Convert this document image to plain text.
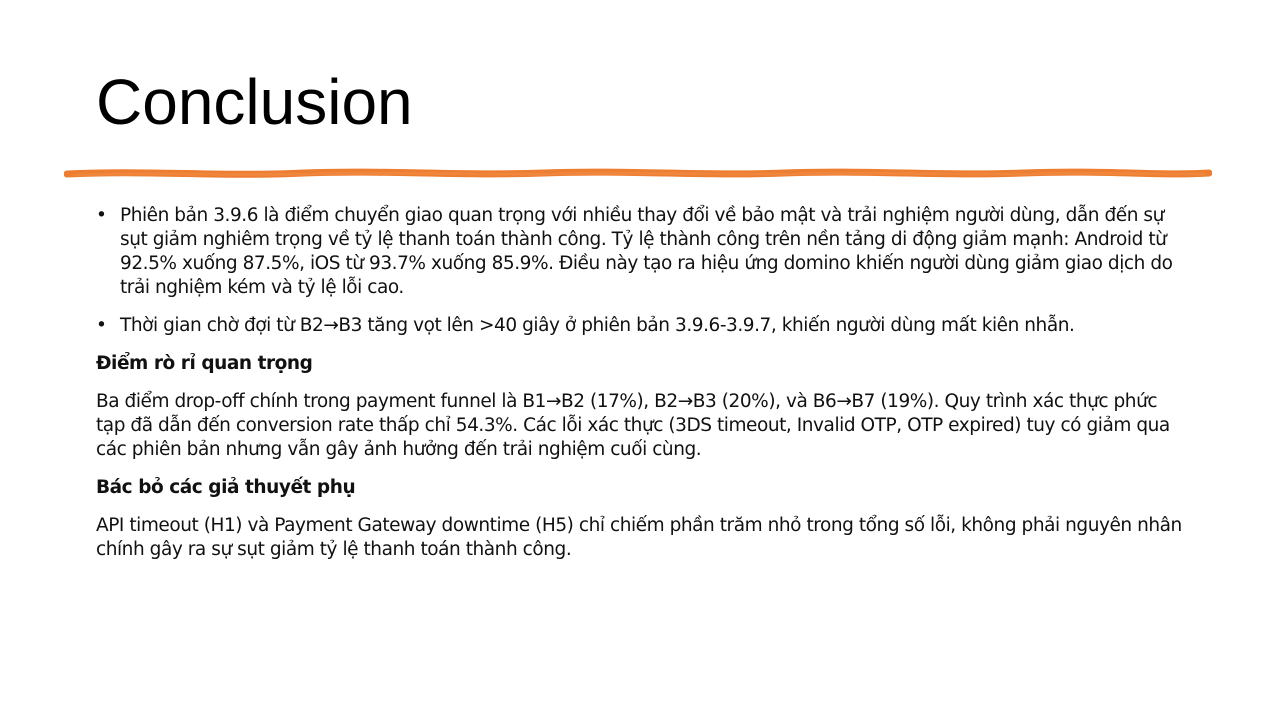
Conclusion
• Phiên bản 3.9.6 là điểm chuyển giao quan trọng với nhiều thay đổi về bảo mật và trải nghiệm người dùng, dẫn đến sự sụt giảm nghiêm trọng về tỷ lệ thanh toán thành công. Tỷ lệ thành công trên nền tảng di động giảm mạnh: Android từ 92.5% xuống 87.5%, iOS từ 93.7% xuống 85.9%. Điều này tạo ra hiệu ứng domino khiến người dùng giảm giao dịch do trải nghiệm kém và tỷ lệ lỗi cao.
• Thời gian chờ đợi từ B2→B3 tăng vọt lên >40 giây ở phiên bản 3.9.6-3.9.7, khiến người dùng mất kiên nhẫn.

Điểm rò rỉ quan trọng

Ba điểm drop-off chính trong payment funnel là B1→B2 (17%), B2→B3 (20%), và B6→B7 (19%). Quy trình xác thực phức tạp đã dẫn đến conversion rate thấp chỉ 54.3%. Các lỗi xác thực (3DS timeout, Invalid OTP, OTP expired) tuy có giảm qua các phiên bản nhưng vẫn gây ảnh hưởng đến trải nghiệm cuối cùng.

Bác bỏ các giả thuyết phụ

API timeout (H1) và Payment Gateway downtime (H5) chỉ chiếm phần trăm nhỏ trong tổng số lỗi, không phải nguyên nhân chính gây ra sự sụt giảm tỷ lệ thanh toán thành công.
